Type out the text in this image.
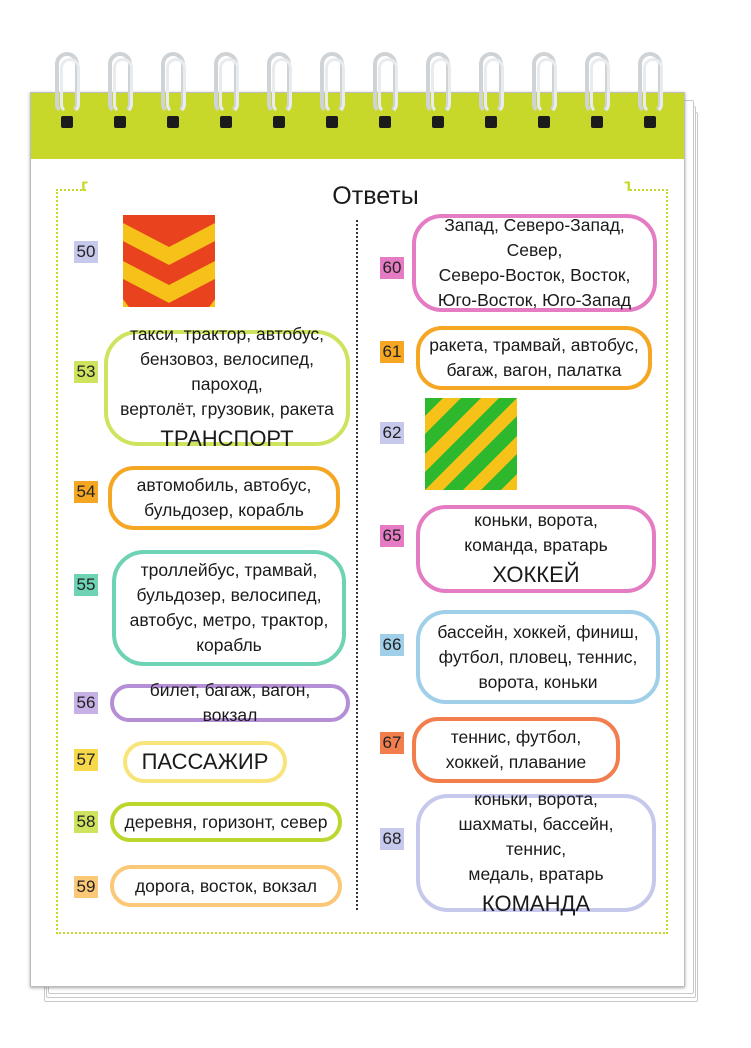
⸢	⸣
Ответы
50
53
такси, трактор, автобус,
бензовоз, велосипед, пароход,
вертолёт, грузовик, ракета
ТРАНСПОРТ
54 автомобиль, автобус,
бульдозер, корабль
55
троллейбус, трамвай,
бульдозер, велосипед,
автобус, метро, трактор,
корабль
56
билет, багаж, вагон, вокзал
57 ПАССАЖИР
58 деревня, горизонт, север
59 дорога, восток, вокзал
60
Запад, Северо-Запад, Север,
Северо-Восток, Восток,
Юго-Восток, Юго-Запад
61 ракета, трамвай, автобус,
багаж, вагон, палатка
62
65
коньки, ворота,
команда, вратарь
ХОККЕЙ
66
бассейн, хоккей, финиш,
футбол, пловец, теннис,
ворота, коньки
67	теннис, футбол,
хоккей, плавание
68
коньки, ворота,
шахматы, бассейн, теннис,
медаль, вратарь
КОМАНДА
